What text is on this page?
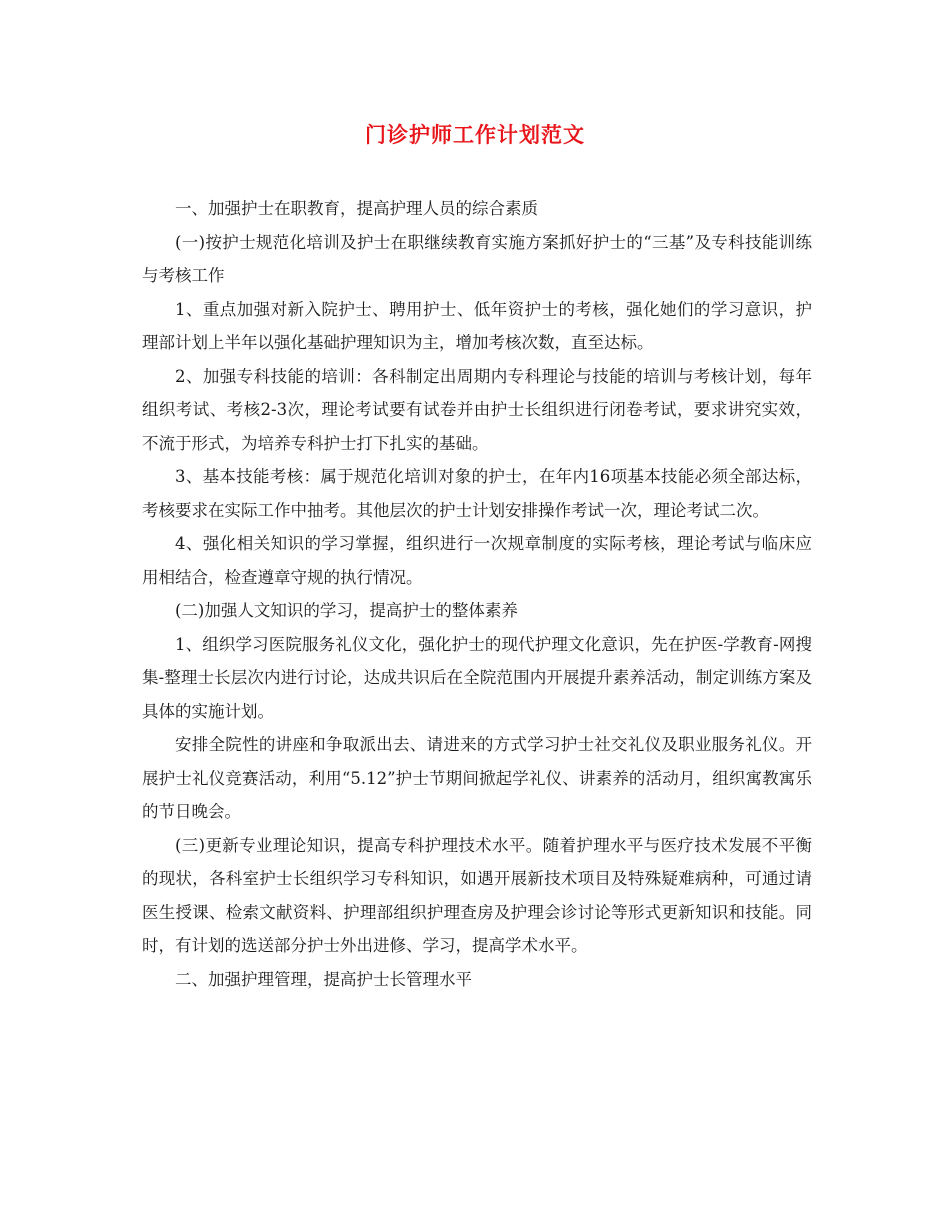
门诊护师工作计划范文

一、加强护士在职教育，提高护理人员的综合素质

(一)按护士规范化培训及护士在职继续教育实施方案抓好护士的“三基”及专科技能训练与考核工作

1、重点加强对新入院护士、聘用护士、低年资护士的考核，强化她们的学习意识，护理部计划上半年以强化基础护理知识为主，增加考核次数，直至达标。

2、加强专科技能的培训：各科制定出周期内专科理论与技能的培训与考核计划，每年组织考试、考核2-3次，理论考试要有试卷并由护士长组织进行闭卷考试，要求讲究实效，不流于形式，为培养专科护士打下扎实的基础。

3、基本技能考核：属于规范化培训对象的护士，在年内16项基本技能必须全部达标，考核要求在实际工作中抽考。其他层次的护士计划安排操作考试一次，理论考试二次。

4、强化相关知识的学习掌握，组织进行一次规章制度的实际考核，理论考试与临床应用相结合，检查遵章守规的执行情况。

(二)加强人文知识的学习，提高护士的整体素养

1、组织学习医院服务礼仪文化，强化护士的现代护理文化意识，先在护医-学教育-网搜集-整理士长层次内进行讨论，达成共识后在全院范围内开展提升素养活动，制定训练方案及具体的实施计划。

安排全院性的讲座和争取派出去、请进来的方式学习护士社交礼仪及职业服务礼仪。开展护士礼仪竞赛活动，利用“5.12”护士节期间掀起学礼仪、讲素养的活动月，组织寓教寓乐的节日晚会。

(三)更新专业理论知识，提高专科护理技术水平。随着护理水平与医疗技术发展不平衡的现状，各科室护士长组织学习专科知识，如遇开展新技术项目及特殊疑难病种，可通过请医生授课、检索文献资料、护理部组织护理查房及护理会诊讨论等形式更新知识和技能。同时，有计划的选送部分护士外出进修、学习，提高学术水平。

二、加强护理管理，提高护士长管理水平
